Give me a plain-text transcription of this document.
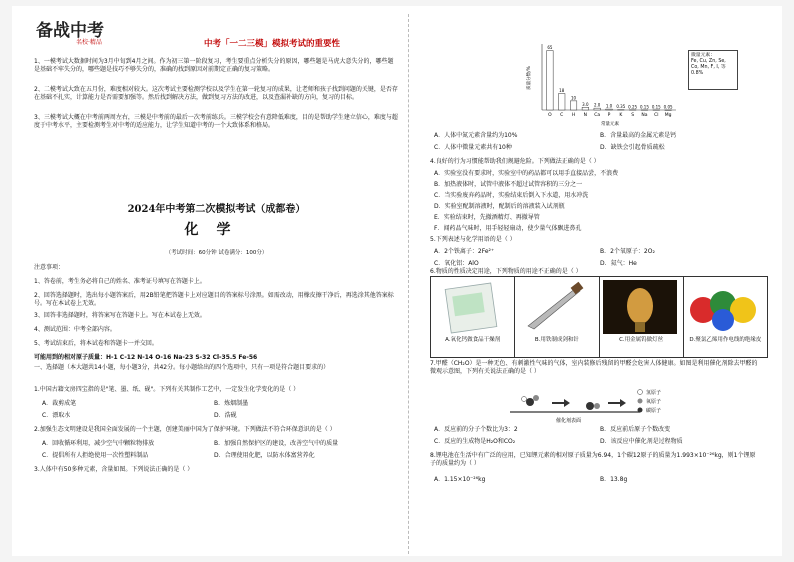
备战中考
名校·精品	中考「一二三模」模拟考试的重要性
1、一模考试大数据时间为3月中旬到4月之间。作为初三第一阶段复习，考生要重点分析失分的原因，哪些题是马虎大意失分的，哪些题是基础不牢失分的，哪些题是技巧不够失分的，准确的找到原因对前期定正确的复习策略。
2、二模考试大致在五月份，难度相对较大。这次考试主要检测学校以及学生在第一轮复习的成果，让老师和孩子找到问题的关键，是否存在基础不扎实，计算能力是否需要加强等。然后找到解决方法，做到复习方法的改进，以及查漏补缺的方向，复习的目标。
3、三模考试大概在中考前两周左右，三模是中考前的最后一次考前练兵。三模学校会有意降低难度，目的是帮助学生建立信心，难度与超度于中考水平，主要检测考生对中考的适应能力，让学生知道中考的一个大致体系和格局。
2024年中考第二次模拟考试（成都卷）
化学
（考试时间：60分钟 试卷满分：100分）
注意事项：
1、答卷前，考生务必将自己的姓名、准考证号填写在答题卡上。
2、回答选择题时，选出每小题答案后，用2B铅笔把答题卡上对应题目的答案标号涂黑。如需改动，用橡皮擦干净后，再选涂其他答案标号。写在本试卷上无效。
3、回答非选择题时，将答案写在答题卡上。写在本试卷上无效。
4、测试范围：中考全部内容。
5、考试结束后，将本试卷和答题卡一并交回。
可能用到的相对原子质量：H-1 C-12 N-14 O-16 Na-23 S-32 Cl-35.5 Fe-56
一、选择题（本大题共14小题，每小题3分，共42分。每小题给出的四个选项中，只有一项是符合题目要求的）
1.中国古籍文房四宝指的是"笔、墨、纸、砚"。下列有关其制作工艺中，一定发生化学变化的是（ ）
A．裁剪成笔	B．炼烟制墨
C．漂取水	D．浩砚
2.加强生态文明建设是我国全面发展的一个主题，创建美丽中国为了保护环境。下列做法不符合环保意识的是（ ）
A．回收循环利用，减少空气中颗粒物排放	B．加强自然保护区的建设，改善空气中的质量
C．提倡所有人拒绝使用一次性塑料制品	D．合理使用化肥，以防水体富营养化
3.人体中有50多种元素，含量如图。下列说法正确的是（ ）
质量分数/%
常量元素
65
O
18
C
10
H
3.0
N
2.0
Ca
1.0
P
0.35
K
0.25
S
0.15
Na
0.15
Cl
0.05
Mg
微量元素：
Fe, Cu, Zn, Se, Co, Mn, F, I, 等 0.8%
A．人体中氮元素含量约为10%	B．含量最高的金属元素是钙
C．人体中微量元素共有10种	D．缺铁会引起骨质疏松
4.良好的行为习惯能帮助我们规避危险。下列做法正确的是（ ）
A．实验室没有要求时，实验室中的药品都可以用手直接品尝，不浪费
B．加热液体时，试管中液体不超过试管容积的三分之一
C．当实验废弃药品时，实验结束后倒入下水道，用水冲洗
D．实验室配制溶液时，配制后的溶液装入试剂瓶
E．实验结束时，先撤酒精灯、再撤导管
F．闻药品气味时，用手轻轻扇动，使少量气体飘进鼻孔
5.下列表述与化学用语的是（ ）
A．2个铁离子：2Fe²⁺	B．2个氧原子：2O₂
C．氧化铝：AlO	D．氦气：He
6.物质的性质决定用途，下列物质的用途不正确的是（ ）
A.氧化钙做食品干燥剂	B.用铁制成剑和针	C.用金属钨做灯丝	D.聚氯乙烯用作电线的绝缘皮
7.甲醛（CH₂O）是一种无色、有刺激性气味的气体，室内装修后残留的甲醛会危害人体健康。如图是利用催化剂除去甲醛的微观示意图，下列有关说法正确的是（ ）
氢原子
氧原子
碳原子
催化剂表面
A．反应前的分子个数比为3：2	B．反应前后原子个数改变
C．反应的生成物是H₂O和CO₂	D．该反应中催化剂是过程物质
8.锂电池在生活中有广泛的应用，已知锂元素的相对原子质量为6.94，1个碳12原子的质量为1.993×10⁻²⁶kg，则1个锂原子的质量约为（ ）
A．1.15×10⁻²⁶kg	B．13.8g
